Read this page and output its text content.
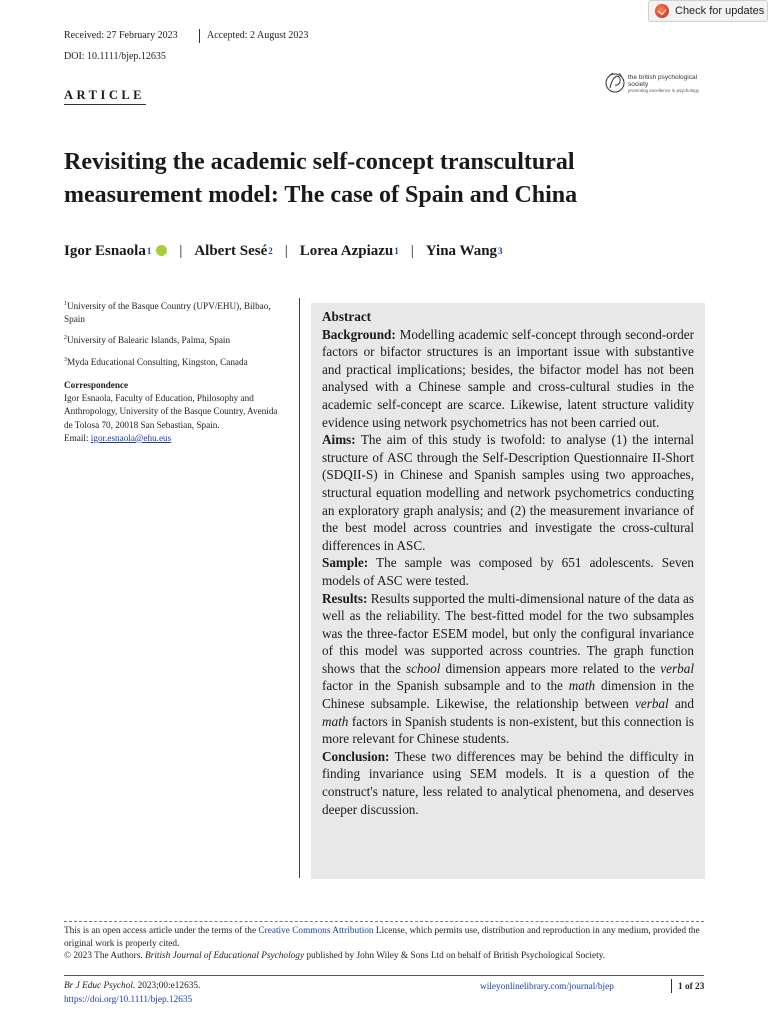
Check for updates
Received: 27 February 2023	Accepted: 2 August 2023
DOI: 10.1111/bjep.12635
ARTICLE
the british psychological society
promoting excellence in psychology
Revisiting the academic self-concept transcultural measurement model: The case of Spain and China
Igor Esnaola$^1$ | Albert Sesé$^2$ | Lorea Azpiazu$^1$ | Yina Wang$^3$
$^1$University of the Basque Country (UPV/EHU), Bilbao, Spain
$^2$University of Balearic Islands, Palma, Spain
$^3$Myda Educational Consulting, Kingston, Canada
Correspondence
Igor Esnaola, Faculty of Education, Philosophy and Anthropology, University of the Basque Country, Avenida de Tolosa 70, 20018 San Sebastian, Spain.
Email: igor.esnaola@ehu.eus

Abstract

Background: Modelling academic self-concept through second-order factors or bifactor structures is an important issue with substantive and practical implications; besides, the bifactor model has not been analysed with a Chinese sample and cross-cultural studies in the academic self-concept are scarce. Likewise, latent structure validity evidence using network psychometrics has not been carried out.

Aims: The aim of this study is twofold: to analyse (1) the internal structure of ASC through the Self-Description Questionnaire II-Short (SDQII-S) in Chinese and Spanish samples using two approaches, structural equation modelling and network psychometrics conducting an exploratory graph analysis; and (2) the measurement invariance of the best model across countries and investigate the cross-cultural differences in ASC.

Sample: The sample was composed by 651 adolescents. Seven models of ASC were tested.

Results: Results supported the multi-dimensional nature of the data as well as the reliability. The best-fitted model for the two subsamples was the three-factor ESEM model, but only the configural invariance of this model was supported across countries. The graph function shows that the school dimension appears more related to the verbal factor in the Spanish subsample and to the math dimension in the Chinese subsample. Likewise, the relationship between verbal and math factors in Spanish students is non-existent, but this connection is more relevant for Chinese students.

Conclusion: These two differences may be behind the difficulty in finding invariance using SEM models. It is a question of the construct's nature, less related to analytical phenomena, and deserves deeper discussion.

This is an open access article under the terms of the Creative Commons Attribution License, which permits use, distribution and reproduction in any medium, provided the original work is properly cited.
© 2023 The Authors. British Journal of Educational Psychology published by John Wiley & Sons Ltd on behalf of British Psychological Society.
Br J Educ Psychol. 2023;00:e12635.
https://doi.org/10.1111/bjep.12635
wileyonlinelibrary.com/journal/bjep	1 of 23
